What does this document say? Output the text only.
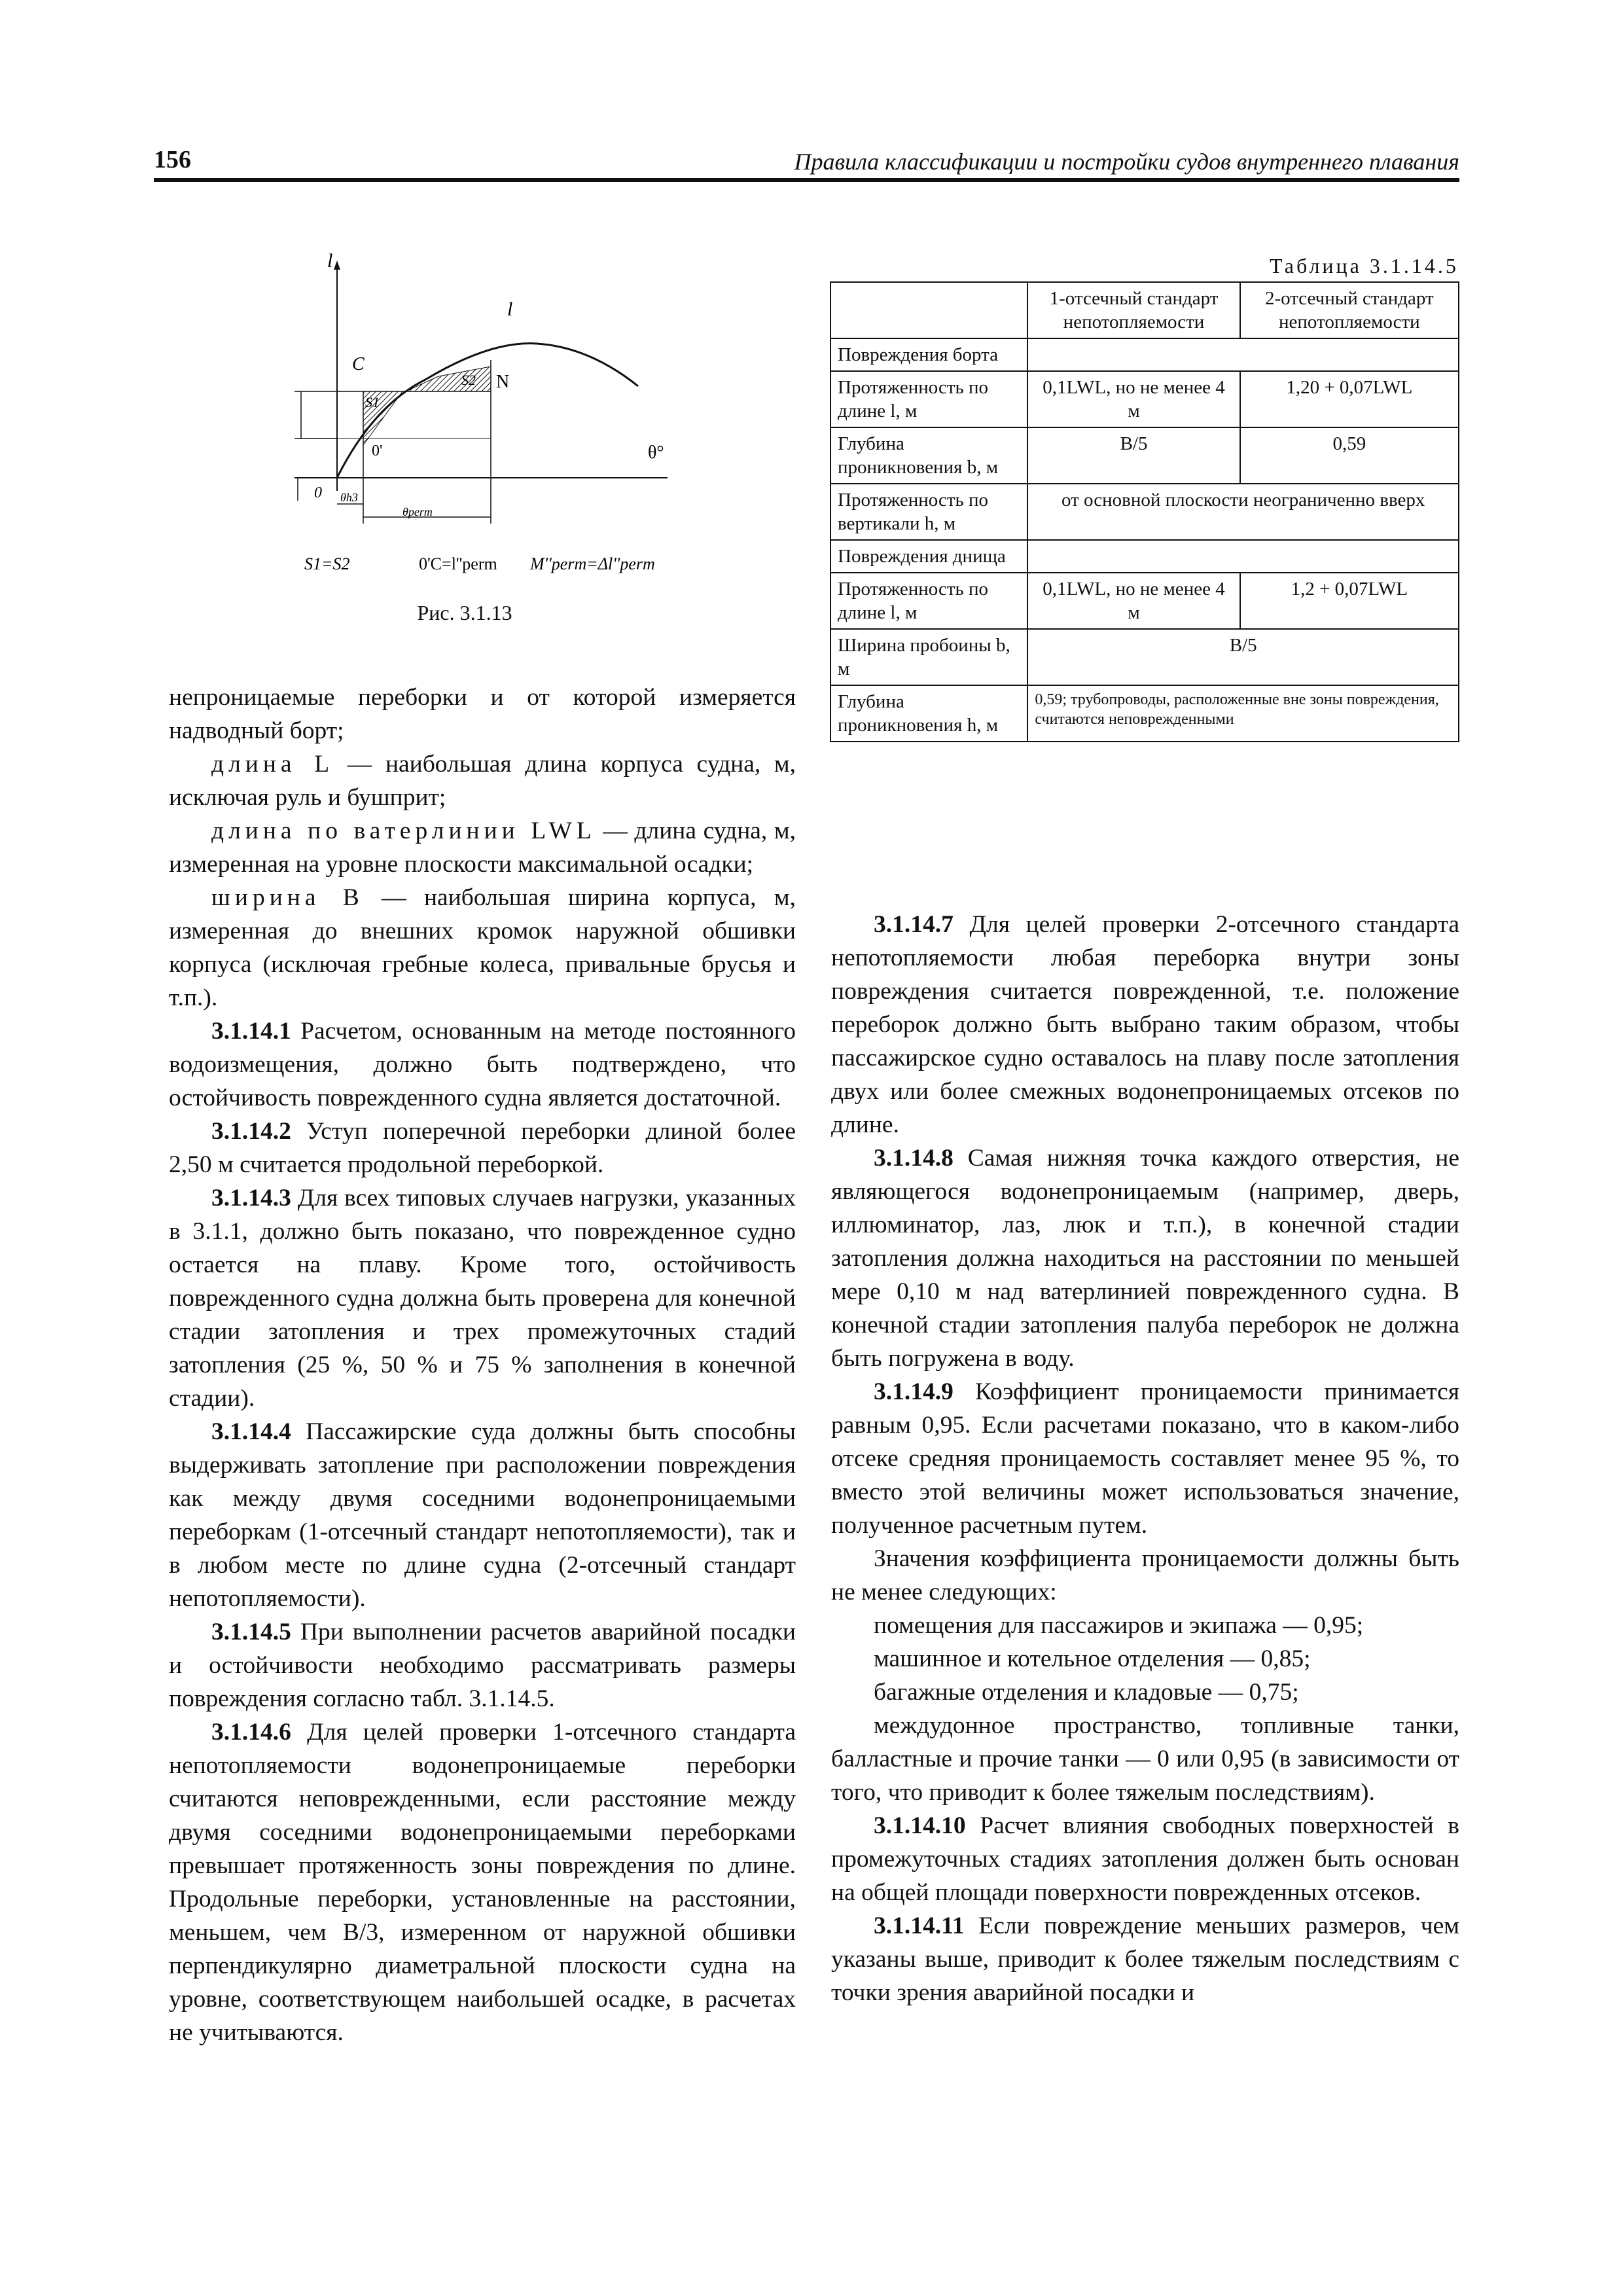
156	Правила классификации и постройки судов внутреннего плавания
l
l
C
N
S1
S2
0'	θ°
0 θh3
θperm
S1=S2	0'C=l''perm M''perm=Δl''perm
Рис. 3.1.13
Таблица 3.1.14.5
	1-отсечный стандарт непотопляемости	2-отсечный стандарт непотопляемости
Повреждения борта		
Протяженность по длине l, м	0,1LWL, но не менее 4 м	1,20 + 0,07LWL
Глубина проникновения b, м	B/5	0,59
Протяженность по вертикали h, м	от основной плоскости неограниченно вверх	
Повреждения днища		
Протяженность по длине l, м	0,1LWL, но не менее 4 м	1,2 + 0,07LWL
Ширина пробоины b, м	B/5	
Глубина проникновения h, м	0,59; трубопроводы, расположенные вне зоны повреждения, считаются неповрежденными	

непроницаемые переборки и от которой измеряется надводный борт;

длина L — наибольшая длина корпуса судна, м, исключая руль и бушприт;

длина по ватерлинии LWL — длина судна, м, измеренная на уровне плоскости максимальной осадки;

ширина B — наибольшая ширина корпуса, м, измеренная до внешних кромок наружной обшивки корпуса (исключая гребные колеса, привальные брусья и т.п.).

3.1.14.1 Расчетом, основанным на методе постоянного водоизмещения, должно быть подтверждено, что остойчивость поврежденного судна является достаточной.

3.1.14.2 Уступ поперечной переборки длиной более 2,50 м считается продольной переборкой.

3.1.14.3 Для всех типовых случаев нагрузки, указанных в 3.1.1, должно быть показано, что поврежденное судно остается на плаву. Кроме того, остойчивость поврежденного судна должна быть проверена для конечной стадии затопления и трех промежуточных стадий затопления (25 %, 50 % и 75 % заполнения в конечной стадии).

3.1.14.4 Пассажирские суда должны быть способны выдерживать затопление при расположении повреждения как между двумя соседними водонепроницаемыми переборкам (1-отсечный стандарт непотопляемости), так и в любом месте по длине судна (2-отсечный стандарт непотопляемости).

3.1.14.5 При выполнении расчетов аварийной посадки и остойчивости необходимо рассматривать размеры повреждения согласно табл. 3.1.14.5.

3.1.14.6 Для целей проверки 1-отсечного стандарта непотопляемости водонепроницаемые переборки считаются неповрежденными, если расстояние между двумя соседними водонепроницаемыми переборками превышает протяженность зоны повреждения по длине. Продольные переборки, установленные на расстоянии, меньшем, чем B/3, измеренном от наружной обшивки перпендикулярно диаметральной плоскости судна на уровне, соответствующем наибольшей осадке, в расчетах не учитываются.

3.1.14.7 Для целей проверки 2-отсечного стандарта непотопляемости любая переборка внутри зоны повреждения считается поврежденной, т.е. положение переборок должно быть выбрано таким образом, чтобы пассажирское судно оставалось на плаву после затопления двух или более смежных водонепроницаемых отсеков по длине.

3.1.14.8 Самая нижняя точка каждого отверстия, не являющегося водонепроницаемым (например, дверь, иллюминатор, лаз, люк и т.п.), в конечной стадии затопления должна находиться на расстоянии по меньшей мере 0,10 м над ватерлинией поврежденного судна. В конечной стадии затопления палуба переборок не должна быть погружена в воду.

3.1.14.9 Коэффициент проницаемости принимается равным 0,95. Если расчетами показано, что в каком-либо отсеке средняя проницаемость составляет менее 95 %, то вместо этой величины может использоваться значение, полученное расчетным путем.

Значения коэффициента проницаемости должны быть не менее следующих:

помещения для пассажиров и экипажа — 0,95;

машинное и котельное отделения — 0,85;

багажные отделения и кладовые — 0,75;

междудонное пространство, топливные танки, балластные и прочие танки — 0 или 0,95 (в зависимости от того, что приводит к более тяжелым последствиям).

3.1.14.10 Расчет влияния свободных поверхностей в промежуточных стадиях затопления должен быть основан на общей площади поверхности поврежденных отсеков.

3.1.14.11 Если повреждение меньших размеров, чем указаны выше, приводит к более тяжелым последствиям с точки зрения аварийной посадки и
